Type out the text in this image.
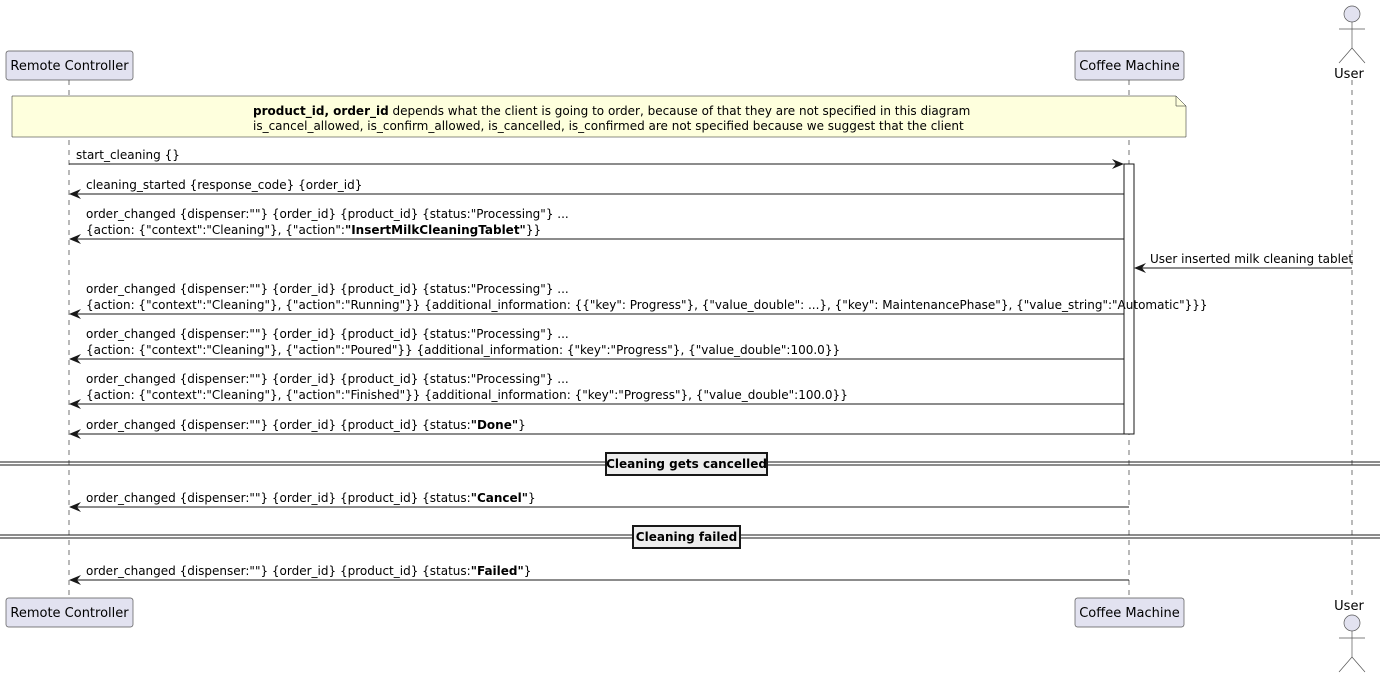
product_id, order_id depends what the client is going to order, because of that they are not specified in this diagram
is_cancel_allowed, is_confirm_allowed, is_cancelled, is_confirmed are not specified because we suggest that the client
start_cleaning {}
cleaning_started {response_code} {order_id}
order_changed {dispenser:""} {order_id} {product_id} {status:"Processing"} ...
{action: {"context":"Cleaning"}, {"action":"InsertMilkCleaningTablet"}}
User inserted milk cleaning tablet
order_changed {dispenser:""} {order_id} {product_id} {status:"Processing"} ...
{action: {"context":"Cleaning"}, {"action":"Running"}} {additional_information: {{"key": Progress"}, {"value_double": ...}, {"key": MaintenancePhase"}, {"value_string":"Automatic"}}}
order_changed {dispenser:""} {order_id} {product_id} {status:"Processing"} ...
{action: {"context":"Cleaning"}, {"action":"Poured"}} {additional_information: {"key":"Progress"}, {"value_double":100.0}}
order_changed {dispenser:""} {order_id} {product_id} {status:"Processing"} ...
{action: {"context":"Cleaning"}, {"action":"Finished"}} {additional_information: {"key":"Progress"}, {"value_double":100.0}}
order_changed {dispenser:""} {order_id} {product_id} {status:"Done"}
order_changed {dispenser:""} {order_id} {product_id} {status:"Cancel"}
order_changed {dispenser:""} {order_id} {product_id} {status:"Failed"}
Cleaning gets cancelled
Cleaning failed
Remote Controller	Coffee Machine
User
Remote Controller	Coffee Machine	User
